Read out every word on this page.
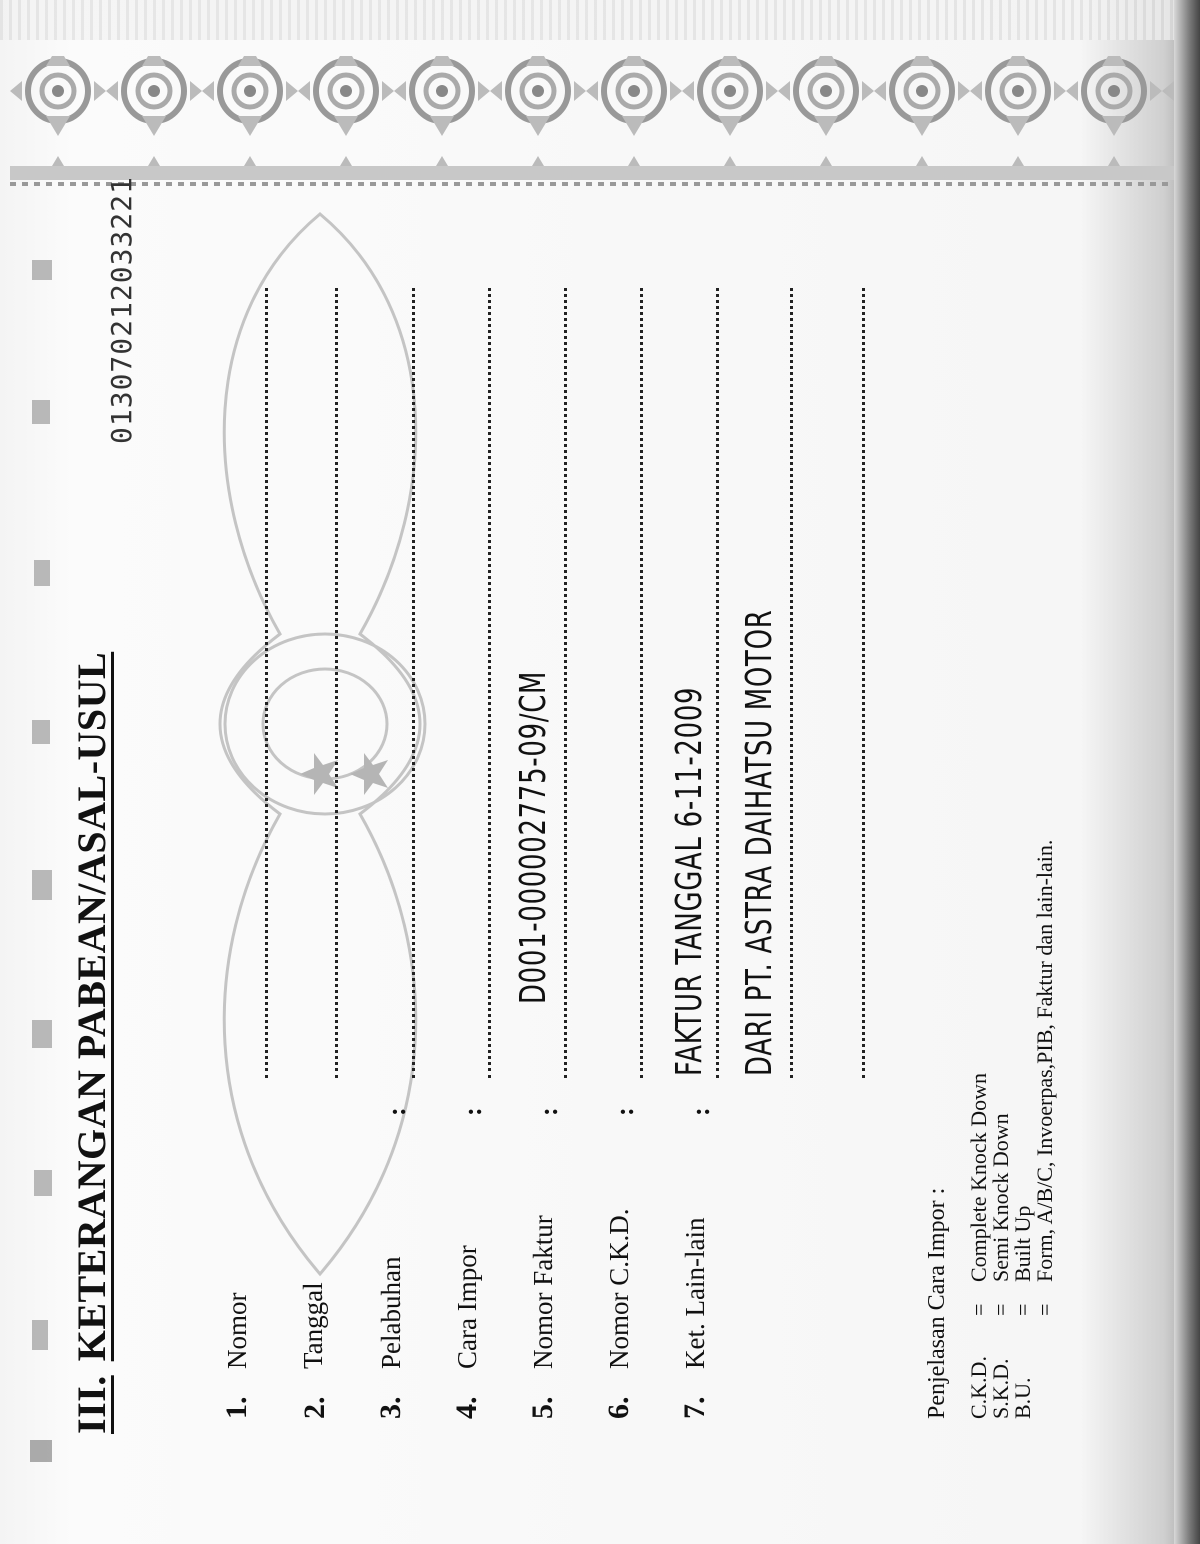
III.KETERANGAN PABEAN/ASAL-USUL
013070212033221
1.
Nomor
2.
Tanggal
3.
Pelabuhan
:
4.
Cara Impor
:
5.
Nomor Faktur
:
D001-000002775-09/CM
6.
Nomor C.K.D.
:
7.
Ket. Lain-lain
:
FAKTUR TANGGAL 6-11-2009 DARI PT. ASTRA DAIHATSU MOTOR
Penjelasan Cara Impor : C.K.D.
=
Complete Knock Down
S.K.D.
=
Semi Knock Down
B.U.
=
Built Up
=
Form, A/B/C, Invoerpas,PIB, Faktur dan lain-lain.
